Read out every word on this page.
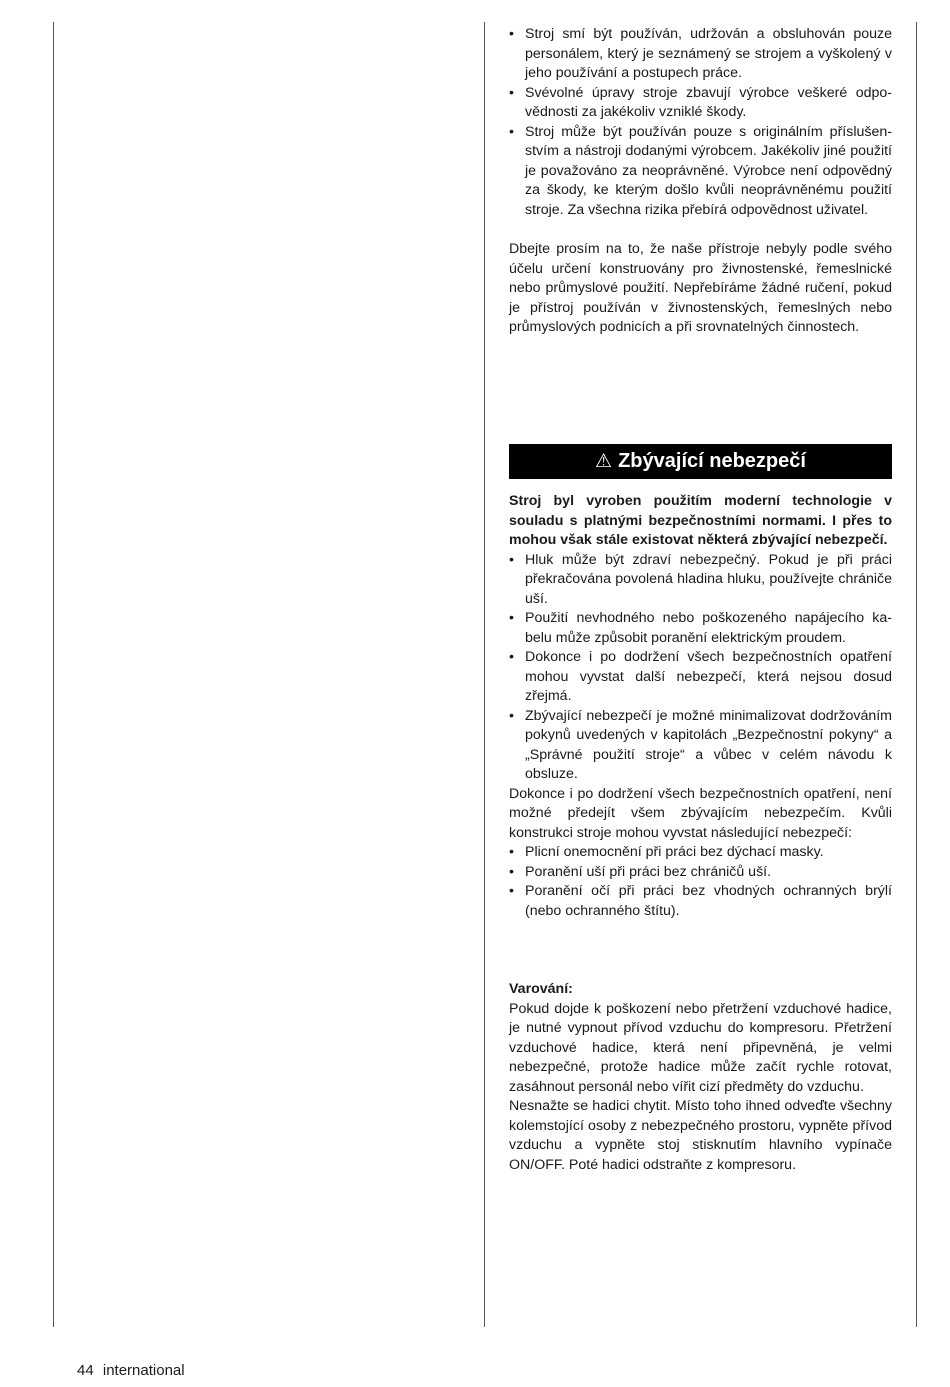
• Stroj smí být používán, udržován a obsluhován pouze personálem, který je seznámený se strojem a vyškolený v jeho používání a postupech práce.
• Svévolné úpravy stroje zbavují výrobce veškeré odpovědnosti za jakékoliv vzniklé škody.
• Stroj může být používán pouze s originálním příslušenstvím a nástroji dodanými výrobcem. Jakékoliv jiné použití je považováno za neoprávněné. Výrobce není odpovědný za škody, ke kterým došlo kvůli neoprávněnému použití stroje. Za všechna rizika přebírá odpovědnost uživatel.

Dbejte prosím na to, že naše přístroje nebyly podle svého účelu určení konstruovány pro živnostenské, řemeslnické nebo průmyslové použití. Nepřebíráme žádné ručení, pokud je přístroj používán v živnostenských, řemeslných nebo průmyslových podnicích a při srovnatelných činnostech.

⚠ Zbývající nebezpečí

Stroj byl vyroben použitím moderní technologie v souladu s platnými bezpečnostními normami. I přes to mohou však stále existovat některá zbývající nebezpečí.

• Hluk může být zdraví nebezpečný. Pokud je při práci překračována povolená hladina hluku, používejte chrániče uší.
• Použití nevhodného nebo poškozeného napájecího kabelu může způsobit poranění elektrickým proudem.
• Dokonce i po dodržení všech bezpečnostních opatření mohou vyvstat další nebezpečí, která nejsou dosud zřejmá.
• Zbývající nebezpečí je možné minimalizovat dodržováním pokynů uvedených v kapitolách „Bezpečnostní pokyny“ a „Správné použití stroje“ a vůbec v celém návodu k obsluze.

Dokonce i po dodržení všech bezpečnostních opatření, není možné předejít všem zbývajícím nebezpečím. Kvůli konstrukci stroje mohou vyvstat následující nebezpečí:

• Plicní onemocnění při práci bez dýchací masky.
• Poranění uší při práci bez chráničů uší.
• Poranění očí při práci bez vhodných ochranných brýlí (nebo ochranného štítu).

Varování:

Pokud dojde k poškození nebo přetržení vzduchové hadice, je nutné vypnout přívod vzduchu do kompresoru. Přetržení vzduchové hadice, která není připevněná, je velmi nebezpečné, protože hadice může začít rychle rotovat, zasáhnout personál nebo vířit cizí předměty do vzduchu.

Nesnažte se hadici chytit. Místo toho ihned odveďte všechny kolemstojící osoby z nebezpečného prostoru, vypněte přívod vzduchu a vypněte stoj stisknutím hlavního vypínače ON/OFF. Poté hadici odstraňte z kompresoru.

44 international
